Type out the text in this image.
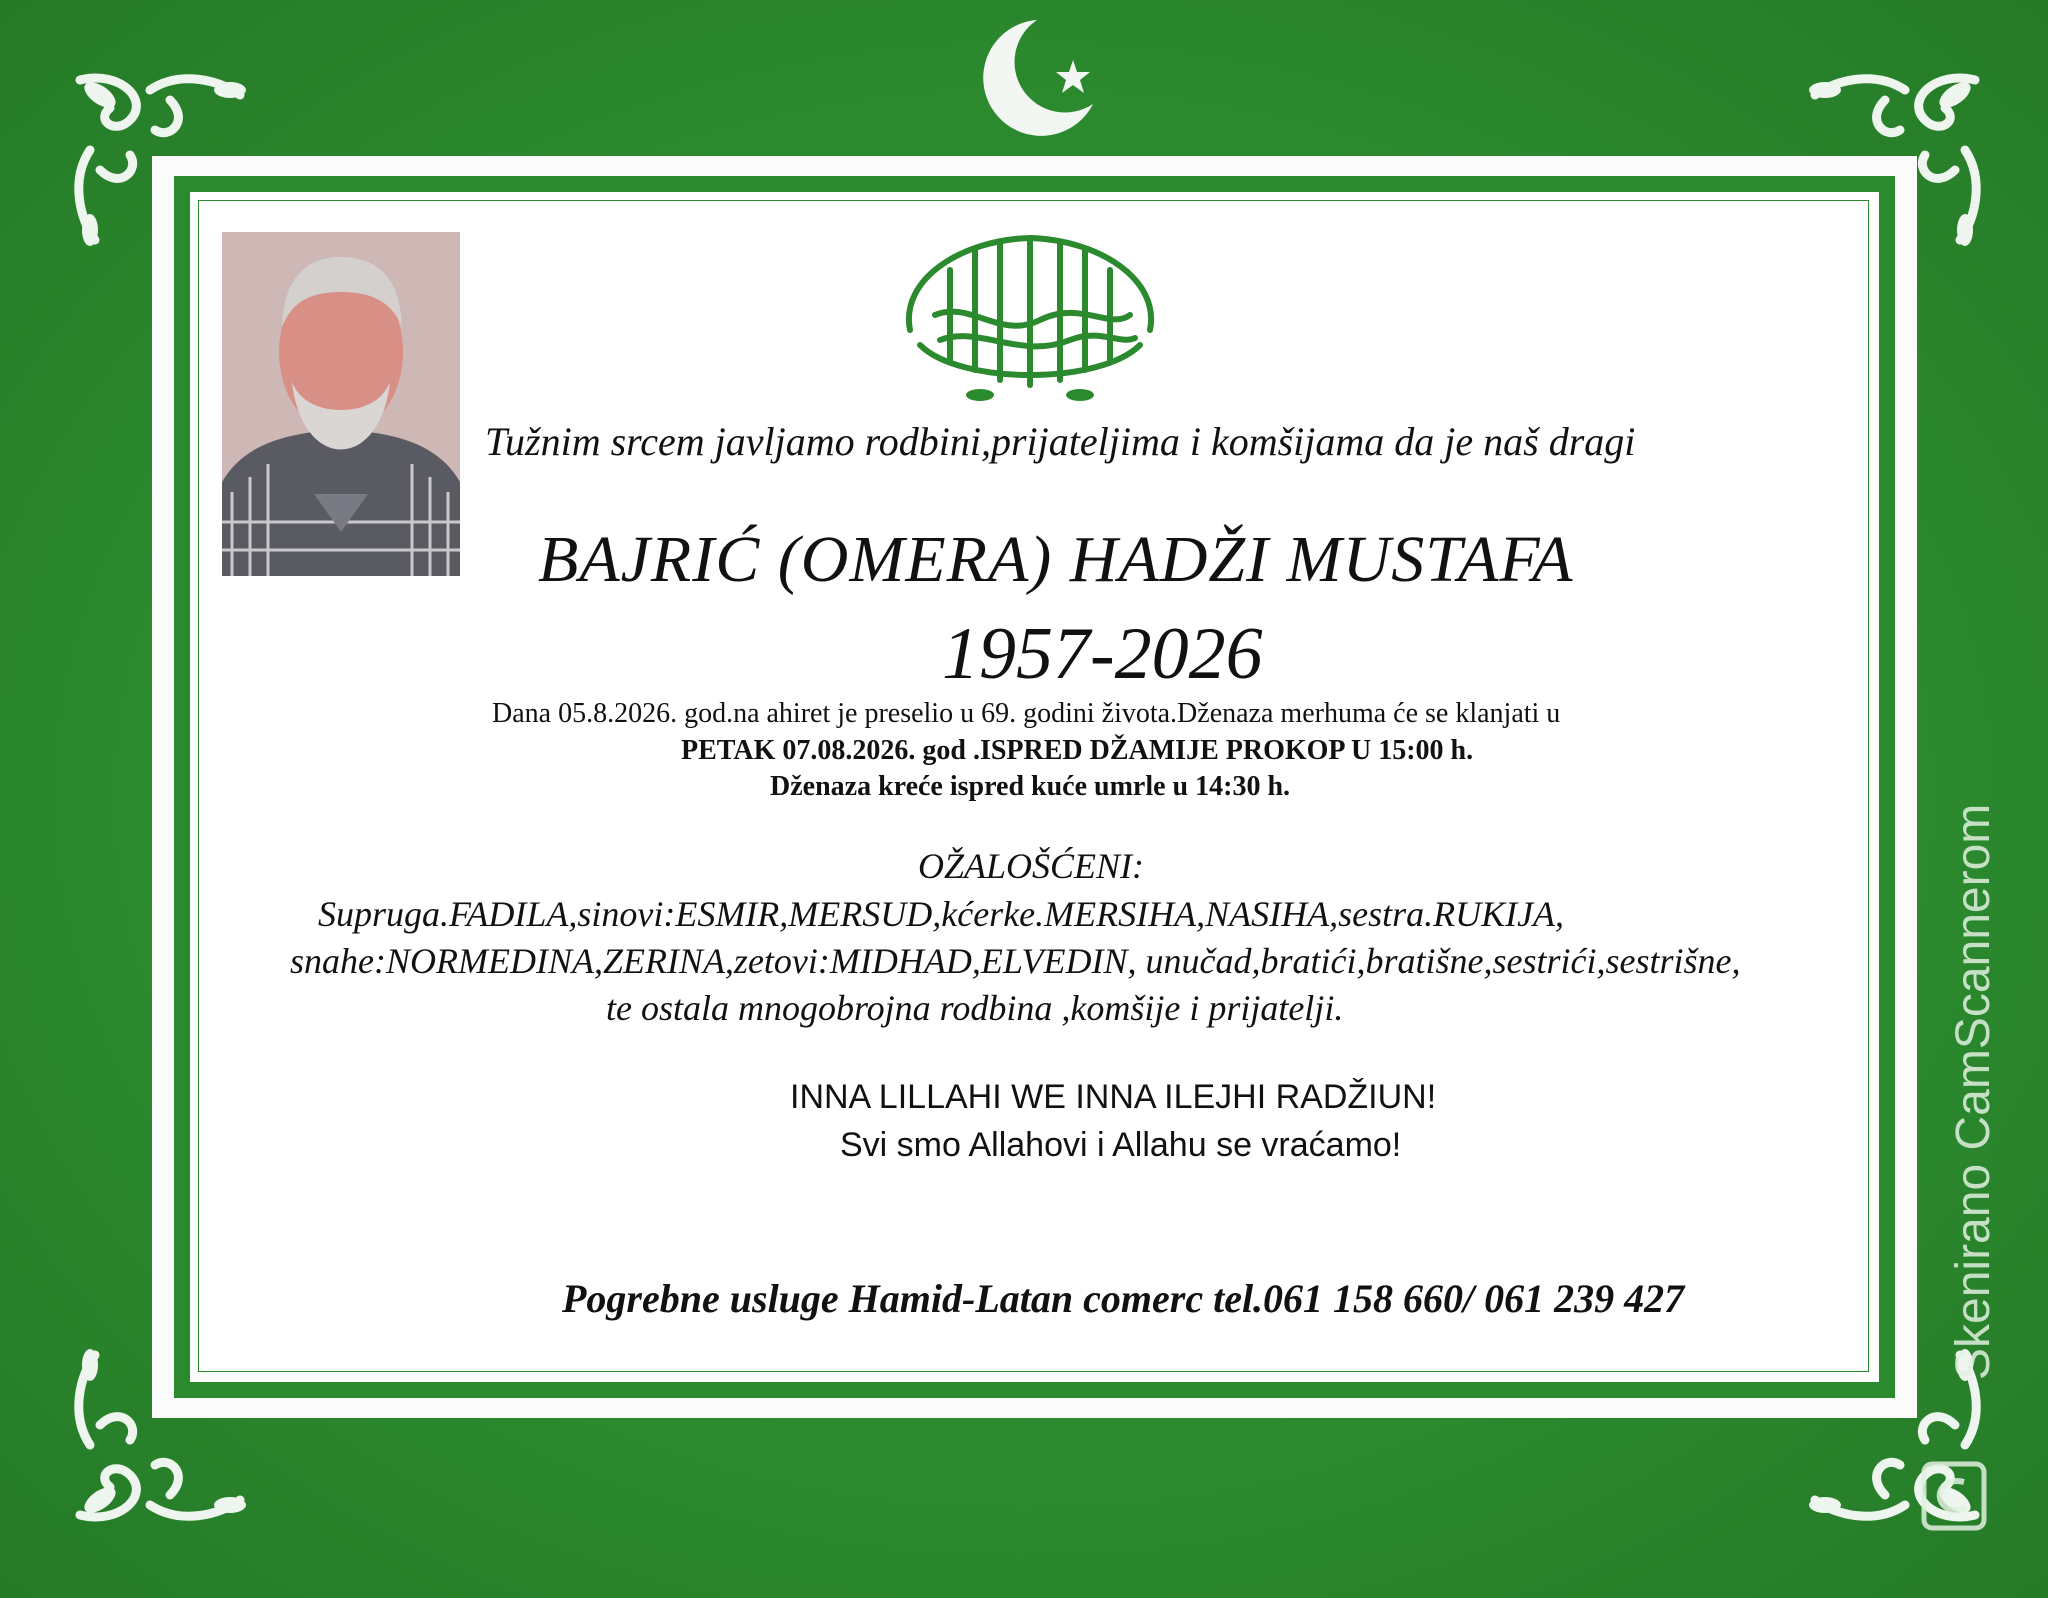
Tužnim srcem javljamo rodbini,prijateljima i komšijama da je naš dragi
BAJRIĆ (OMERA) HADŽI MUSTAFA
1957-2026
Dana 05.8.2026. god.na ahiret je preselio u 69. godini života.Dženaza merhuma će se klanjati u
PETAK 07.08.2026. god .ISPRED DŽAMIJE PROKOP U 15:00 h.
Dženaza kreće ispred kuće umrle u 14:30 h.
OŽALOŠĆENI:
Supruga.FADILA,sinovi:ESMIR,MERSUD,kćerke.MERSIHA,NASIHA,sestra.RUKIJA,
snahe:NORMEDINA,ZERINA,zetovi:MIDHAD,ELVEDIN, unučad,bratići,bratišne,sestrići,sestrišne,
te ostala mnogobrojna rodbina ,komšije i prijatelji.
INNA LILLAHI WE INNA ILEJHI RADŽIUN!
Svi smo Allahovi i Allahu se vraćamo!
Pogrebne usluge Hamid-Latan comerc tel.061 158 660/ 061 239 427	Skenirano CamScannerom
